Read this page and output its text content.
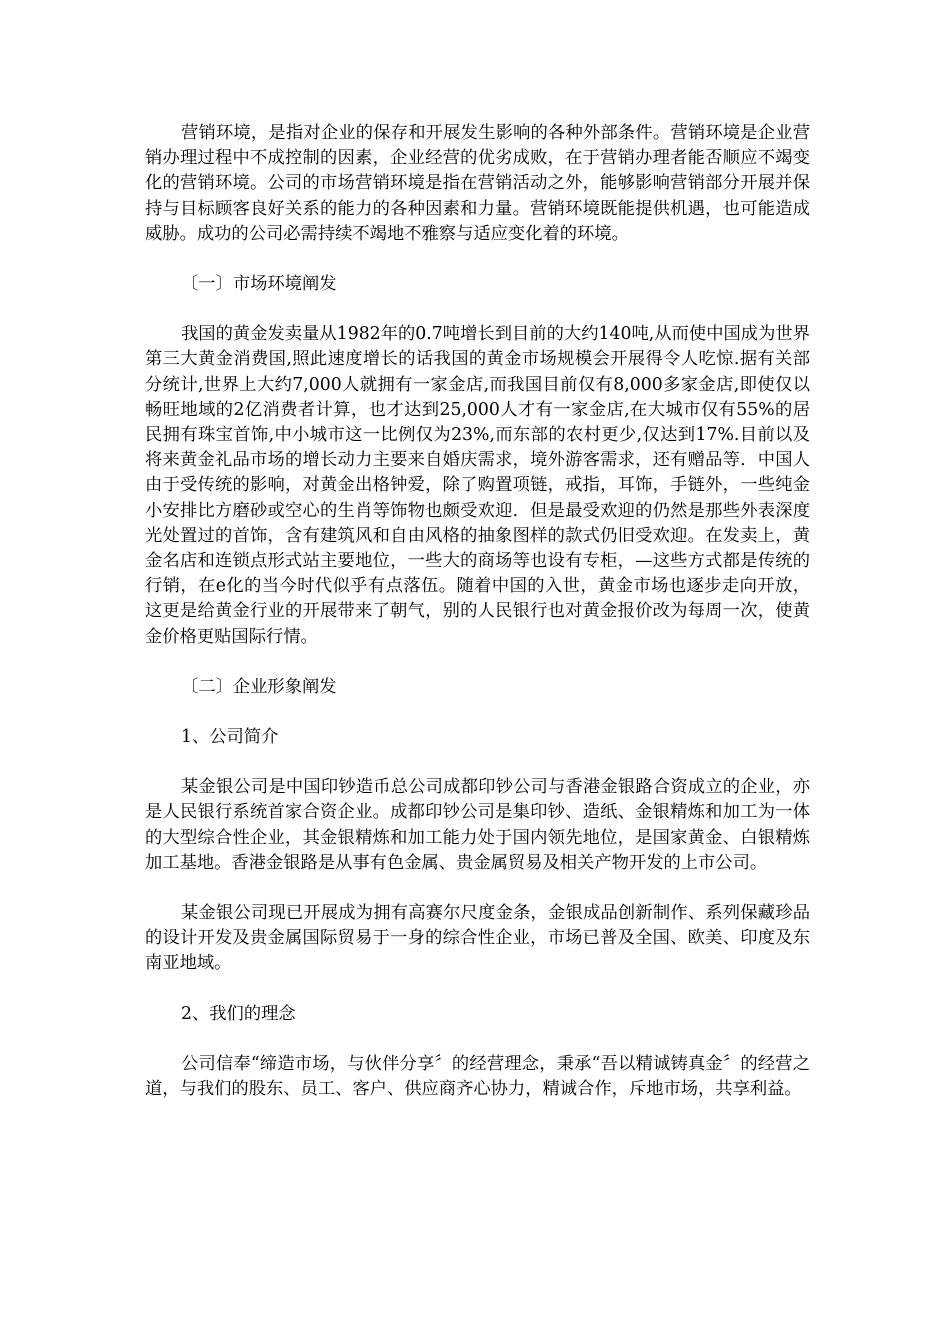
营销环境，是指对企业的保存和开展发生影响的各种外部条件。营销环境是企业营销办理过程中不成控制的因素，企业经营的优劣成败，在于营销办理者能否顺应不竭变化的营销环境。公司的市场营销环境是指在营销活动之外，能够影响营销部分开展并保持与目标顾客良好关系的能力的各种因素和力量。营销环境既能提供机遇，也可能造成威胁。成功的公司必需持续不竭地不雅察与适应变化着的环境。

〔一〕市场环境阐发

我国的黄金发卖量从1982年的0.7吨增长到目前的大约140吨,从而使中国成为世界第三大黄金消费国,照此速度增长的话我国的黄金市场规模会开展得令人吃惊.据有关部分统计,世界上大约7,000人就拥有一家金店,而我国目前仅有8,000多家金店,即使仅以畅旺地域的2亿消费者计算，也才达到25,000人才有一家金店,在大城市仅有55%的居民拥有珠宝首饰,中小城市这一比例仅为23%,而东部的农村更少,仅达到17%.目前以及将来黄金礼品市场的增长动力主要来自婚庆需求，境外游客需求，还有赠品等．中国人由于受传统的影响，对黄金出格钟爱，除了购置项链，戒指，耳饰，手链外，一些纯金小安排比方磨砂或空心的生肖等饰物也颇受欢迎．但是最受欢迎的仍然是那些外表深度光处置过的首饰，含有建筑风和自由风格的抽象图样的款式仍旧受欢迎。在发卖上，黄金名店和连锁点形式站主要地位，一些大的商场等也设有专柜，—这些方式都是传统的行销，在e化的当今时代似乎有点落伍。随着中国的入世，黄金市场也逐步走向开放，这更是给黄金行业的开展带来了朝气，别的人民银行也对黄金报价改为每周一次，使黄金价格更贴国际行情。

〔二〕企业形象阐发

1、公司简介

某金银公司是中国印钞造币总公司成都印钞公司与香港金银路合资成立的企业，亦是人民银行系统首家合资企业。成都印钞公司是集印钞、造纸、金银精炼和加工为一体的大型综合性企业，其金银精炼和加工能力处于国内领先地位，是国家黄金、白银精炼加工基地。香港金银路是从事有色金属、贵金属贸易及相关产物开发的上市公司。

某金银公司现已开展成为拥有高赛尔尺度金条，金银成品创新制作、系列保藏珍品的设计开发及贵金属国际贸易于一身的综合性企业，市场已普及全国、欧美、印度及东南亚地域。

2、我们的理念

公司信奉“缔造市场，与伙伴分享〞的经营理念，秉承“吾以精诚铸真金〞的经营之道，与我们的股东、员工、客户、供应商齐心协力，精诚合作，斥地市场，共享利益。
